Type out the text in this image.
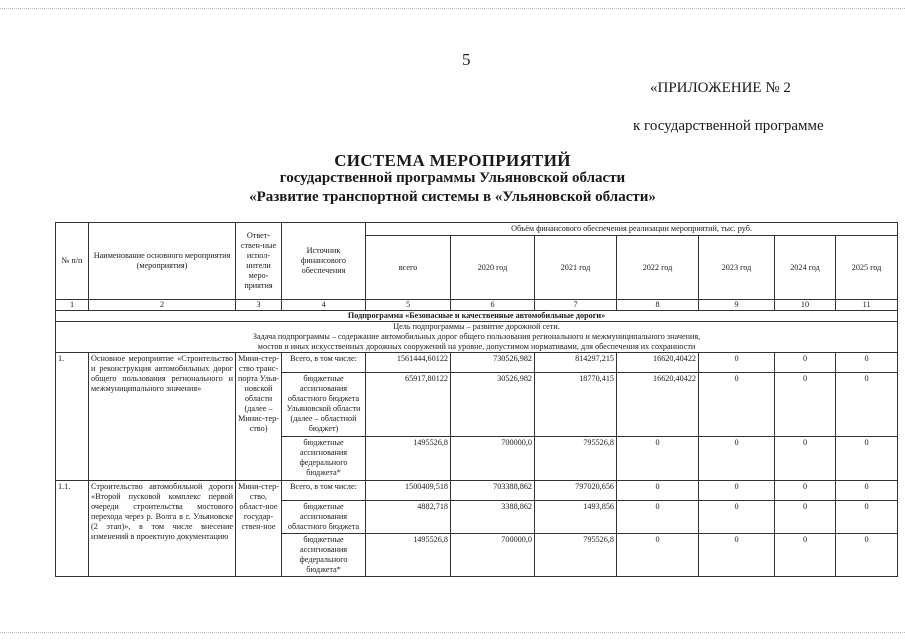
5
«ПРИЛОЖЕНИЕ № 2
к государственной программе
СИСТЕМА МЕРОПРИЯТИЙ
государственной программы Ульяновской области
«Развитие транспортной системы в «Ульяновской области»
№ п/п	Наименование основного мероприятия (мероприятия)	Ответ-ствен-ные испол-нители меро-приятия	Источник финансового обеспечения	Объём финансового обеспечения реализации мероприятий, тыс. руб.						
				всего	2020 год	2021 год	2022 год	2023 год	2024 год	2025 год
1	2	3	4	5	6	7	8	9	10	11
Подпрограмма «Безопасные и качественные автомобильные дороги»										

Цель подпрограммы – развитие дорожной сети.
Задача подпрограммы – содержание автомобильных дорог общего пользования регионального и межмуниципального значения,
мостов и иных искусственных дорожных сооружений на уровне, допустимом нормативами, для обеспечения их сохранности										

1.	Основное мероприятие «Строительство и реконструкция автомобильных дорог общего пользования регионального и межмуниципального значения»	Мини-стер-ство транс-порта Улья-новской области (далее – Минис-тер-ство)	Всего, в том числе:	1561444,60122	730526,982	814297,215	16620,40422	0	0	0
			бюджетные ассигнования областного бюджета Ульяновской области (далее – областной бюджет)	65917,80122	30526,982	18770,415	16620,40422	0	0	0
			бюджетные ассигнования федерального бюджета*	1495526,8	700000,0	795526,8	0	0	0	0
1.1.	Строительство автомобильной дороги «Второй пусковой комплекс первой очереди строительства мостового перехода через р. Волга в г. Ульяновске (2 этап)», в том числе внесение изменений в проектную документацию	Мини-стер-ство, област-ное государ-ствен-ное	Всего, в том числе:	1500409,518	703388,862	797020,656	0	0	0	0
			бюджетные ассигнования областного бюджета	4882,718	3388,862	1493,856	0	0	0	0
			бюджетные ассигнования федерального бюджета*	1495526,8	700000,0	795526,8	0	0	0	0
